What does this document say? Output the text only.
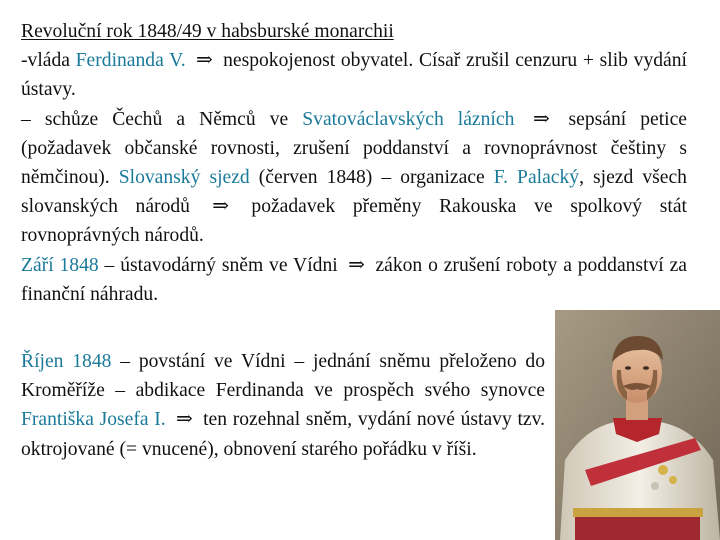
Revoluční rok 1848/49 v habsburské monarchii
-vláda Ferdinanda V. ⇒ nespokojenost obyvatel. Císař zrušil cenzuru + slib vydání ústavy.
– schůze Čechů a Němců ve Svatováclavských lázních ⇒ sepsání petice (požadavek občanské rovnosti, zrušení poddanství a rovnoprávnost češtiny s němčinou). Slovanský sjezd (červen 1848) – organizace F. Palacký, sjezd všech slovanských národů ⇒ požadavek přeměny Rakouska ve spolkový stát rovnoprávných národů.
Září 1848 – ústavodárný sněm ve Vídni ⇒ zákon o zrušení roboty a poddanství za finanční náhradu.
Říjen 1848 – povstání ve Vídni – jednání sněmu přeloženo do Kroměříže – abdikace Ferdinanda ve prospěch svého synovce Františka Josefa I. ⇒ ten rozehnal sněm, vydání nové ústavy tzv. oktrojované (= vnucené), obnovení starého pořádku v říši.
